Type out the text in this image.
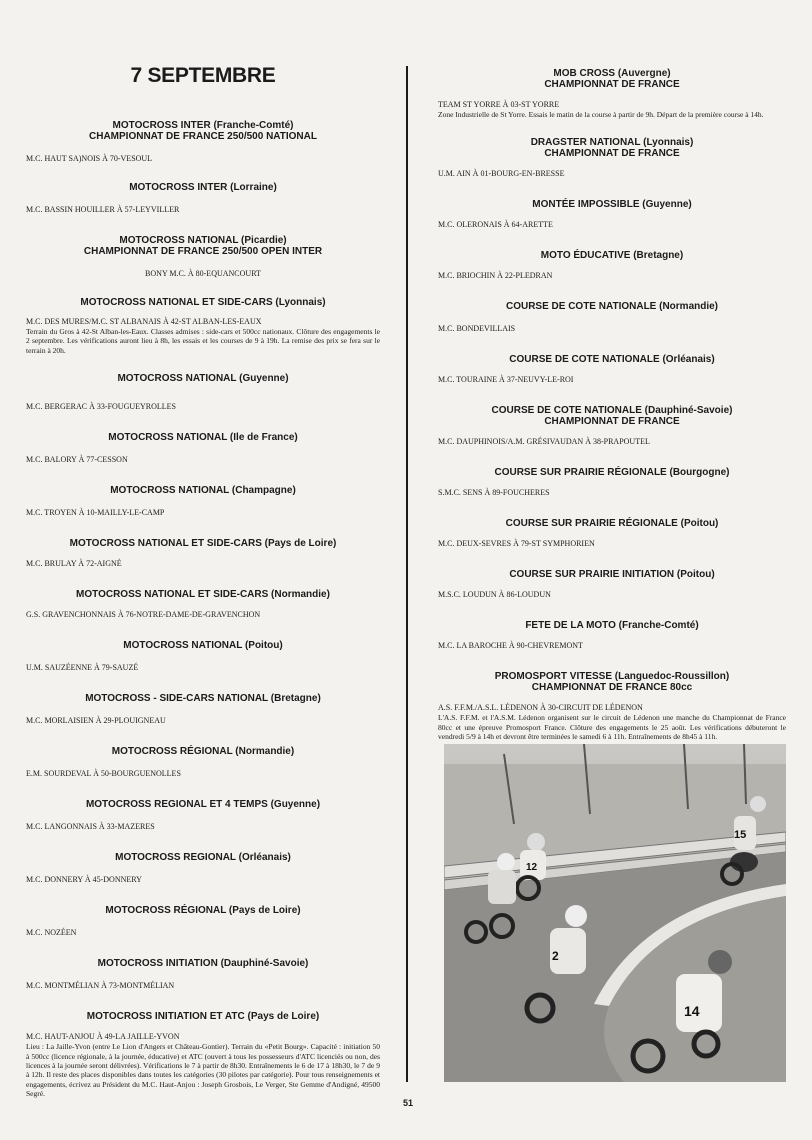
7 SEPTEMBRE
MOTOCROSS INTER (Franche-Comté)
CHAMPIONNAT DE FRANCE 250/500 NATIONAL
M.C. HAUT SA)NOIS À 70-VESOUL
MOTOCROSS INTER (Lorraine)
M.C. BASSIN HOUILLER À 57-LEYVILLER
MOTOCROSS NATIONAL (Picardie)
CHAMPIONNAT DE FRANCE 250/500 OPEN INTER
BONY M.C. À 80-EQUANCOURT
MOTOCROSS NATIONAL ET SIDE-CARS (Lyonnais)
M.C. DES MURES/M.C. ST ALBANAIS À 42-ST ALBAN-LES-EAUX
Terrain du Gros à 42-St Alban-les-Eaux. Classes admises : side-cars et 500cc nationaux. Clôture des engagements le 2 septembre. Les vérifications auront lieu à 8h, les essais et les courses de 9 à 19h. La remise des prix se fera sur le terrain à 20h.
MOTOCROSS NATIONAL (Guyenne)
M.C. BERGERAC À 33-FOUGUEYROLLES
MOTOCROSS NATIONAL (Ile de France)
M.C. BALORY À 77-CESSON
MOTOCROSS NATIONAL (Champagne)
M.C. TROYEN À 10-MAILLY-LE-CAMP
MOTOCROSS NATIONAL ET SIDE-CARS (Pays de Loire)
M.C. BRULAY À 72-AIGNÉ
MOTOCROSS NATIONAL ET SIDE-CARS (Normandie)
G.S. GRAVENCHONNAIS À 76-NOTRE-DAME-DE-GRAVENCHON
MOTOCROSS NATIONAL (Poitou)
U.M. SAUZÉENNE À 79-SAUZÉ
MOTOCROSS - SIDE-CARS NATIONAL (Bretagne)
M.C. MORLAISIEN À 29-PLOUIGNEAU
MOTOCROSS RÉGIONAL (Normandie)
E.M. SOURDEVAL À 50-BOURGUENOLLES
MOTOCROSS REGIONAL ET 4 TEMPS (Guyenne)
M.C. LANGONNAIS À 33-MAZERES
MOTOCROSS REGIONAL (Orléanais)
M.C. DONNERY À 45-DONNERY
MOTOCROSS RÉGIONAL (Pays de Loire)
M.C. NOZÉEN
MOTOCROSS INITIATION (Dauphiné-Savoie)
M.C. MONTMÉLIAN À 73-MONTMÉLIAN
MOTOCROSS INITIATION ET ATC (Pays de Loire)
M.C. HAUT-ANJOU À 49-LA JAILLE-YVON
Lieu : La Jaille-Yvon (entre Le Lion d'Angers et Château-Gontier). Terrain du «Petit Bourg». Capacité : initiation 50 à 500cc (licence régionale, à la journée, éducative) et ATC (ouvert à tous les possesseurs d'ATC licenciés ou non, des licences à la journée seront délivrées). Vérifications le 7 à partir de 8h30. Entraînements le 6 de 17 à 18h30, le 7 de 9 à 12h. Il reste des places disponibles dans toutes les catégories (30 pilotes par catégorie). Pour tous renseignements et engagements, écrivez au Président du M.C. Haut-Anjou : Joseph Grosbois, Le Verger, Ste Gemme d'Andigné, 49500 Segré.
MOB CROSS (Auvergne)
CHAMPIONNAT DE FRANCE
TEAM ST YORRE À 03-ST YORRE
Zone Industrielle de St Yorre. Essais le matin de la course à partir de 9h. Départ de la première course à 14h.
DRAGSTER NATIONAL (Lyonnais)
CHAMPIONNAT DE FRANCE
U.M. AIN À 01-BOURG-EN-BRESSE
MONTÉE IMPOSSIBLE (Guyenne)
M.C. OLERONAIS À 64-ARETTE
MOTO ÉDUCATIVE (Bretagne)
M.C. BRIOCHIN À 22-PLEDRAN
COURSE DE COTE NATIONALE (Normandie)
M.C. BONDEVILLAIS
COURSE DE COTE NATIONALE (Orléanais)
M.C. TOURAINE À 37-NEUVY-LE-ROI
COURSE DE COTE NATIONALE (Dauphiné-Savoie)
CHAMPIONNAT DE FRANCE
M.C. DAUPHINOIS/A.M. GRÉSIVAUDAN À 38-PRAPOUTEL
COURSE SUR PRAIRIE RÉGIONALE (Bourgogne)
S.M.C. SENS À 89-FOUCHERES
COURSE SUR PRAIRIE RÉGIONALE (Poitou)
M.C. DEUX-SEVRES À 79-ST SYMPHORIEN
COURSE SUR PRAIRIE INITIATION (Poitou)
M.S.C. LOUDUN À 86-LOUDUN
FETE DE LA MOTO (Franche-Comté)
M.C. LA BAROCHE À 90-CHEVREMONT
PROMOSPORT VITESSE (Languedoc-Roussillon)
CHAMPIONNAT DE FRANCE 80cc
A.S. F.F.M./A.S.L. LÉDENON À 30-CIRCUIT DE LÉDENON
L'A.S. F.F.M. et l'A.S.M. Lédenon organisent sur le circuit de Lédenon une manche du Championnat de France 80cc et une épreuve Promosport France. Clôture des engagements le 25 août. Les vérifications débuteront le vendredi 5/9 à 14h et devront être terminées le samedi 6 à 11h. Entraînements de 8h45 à 11h.
15
12
2
14
51
